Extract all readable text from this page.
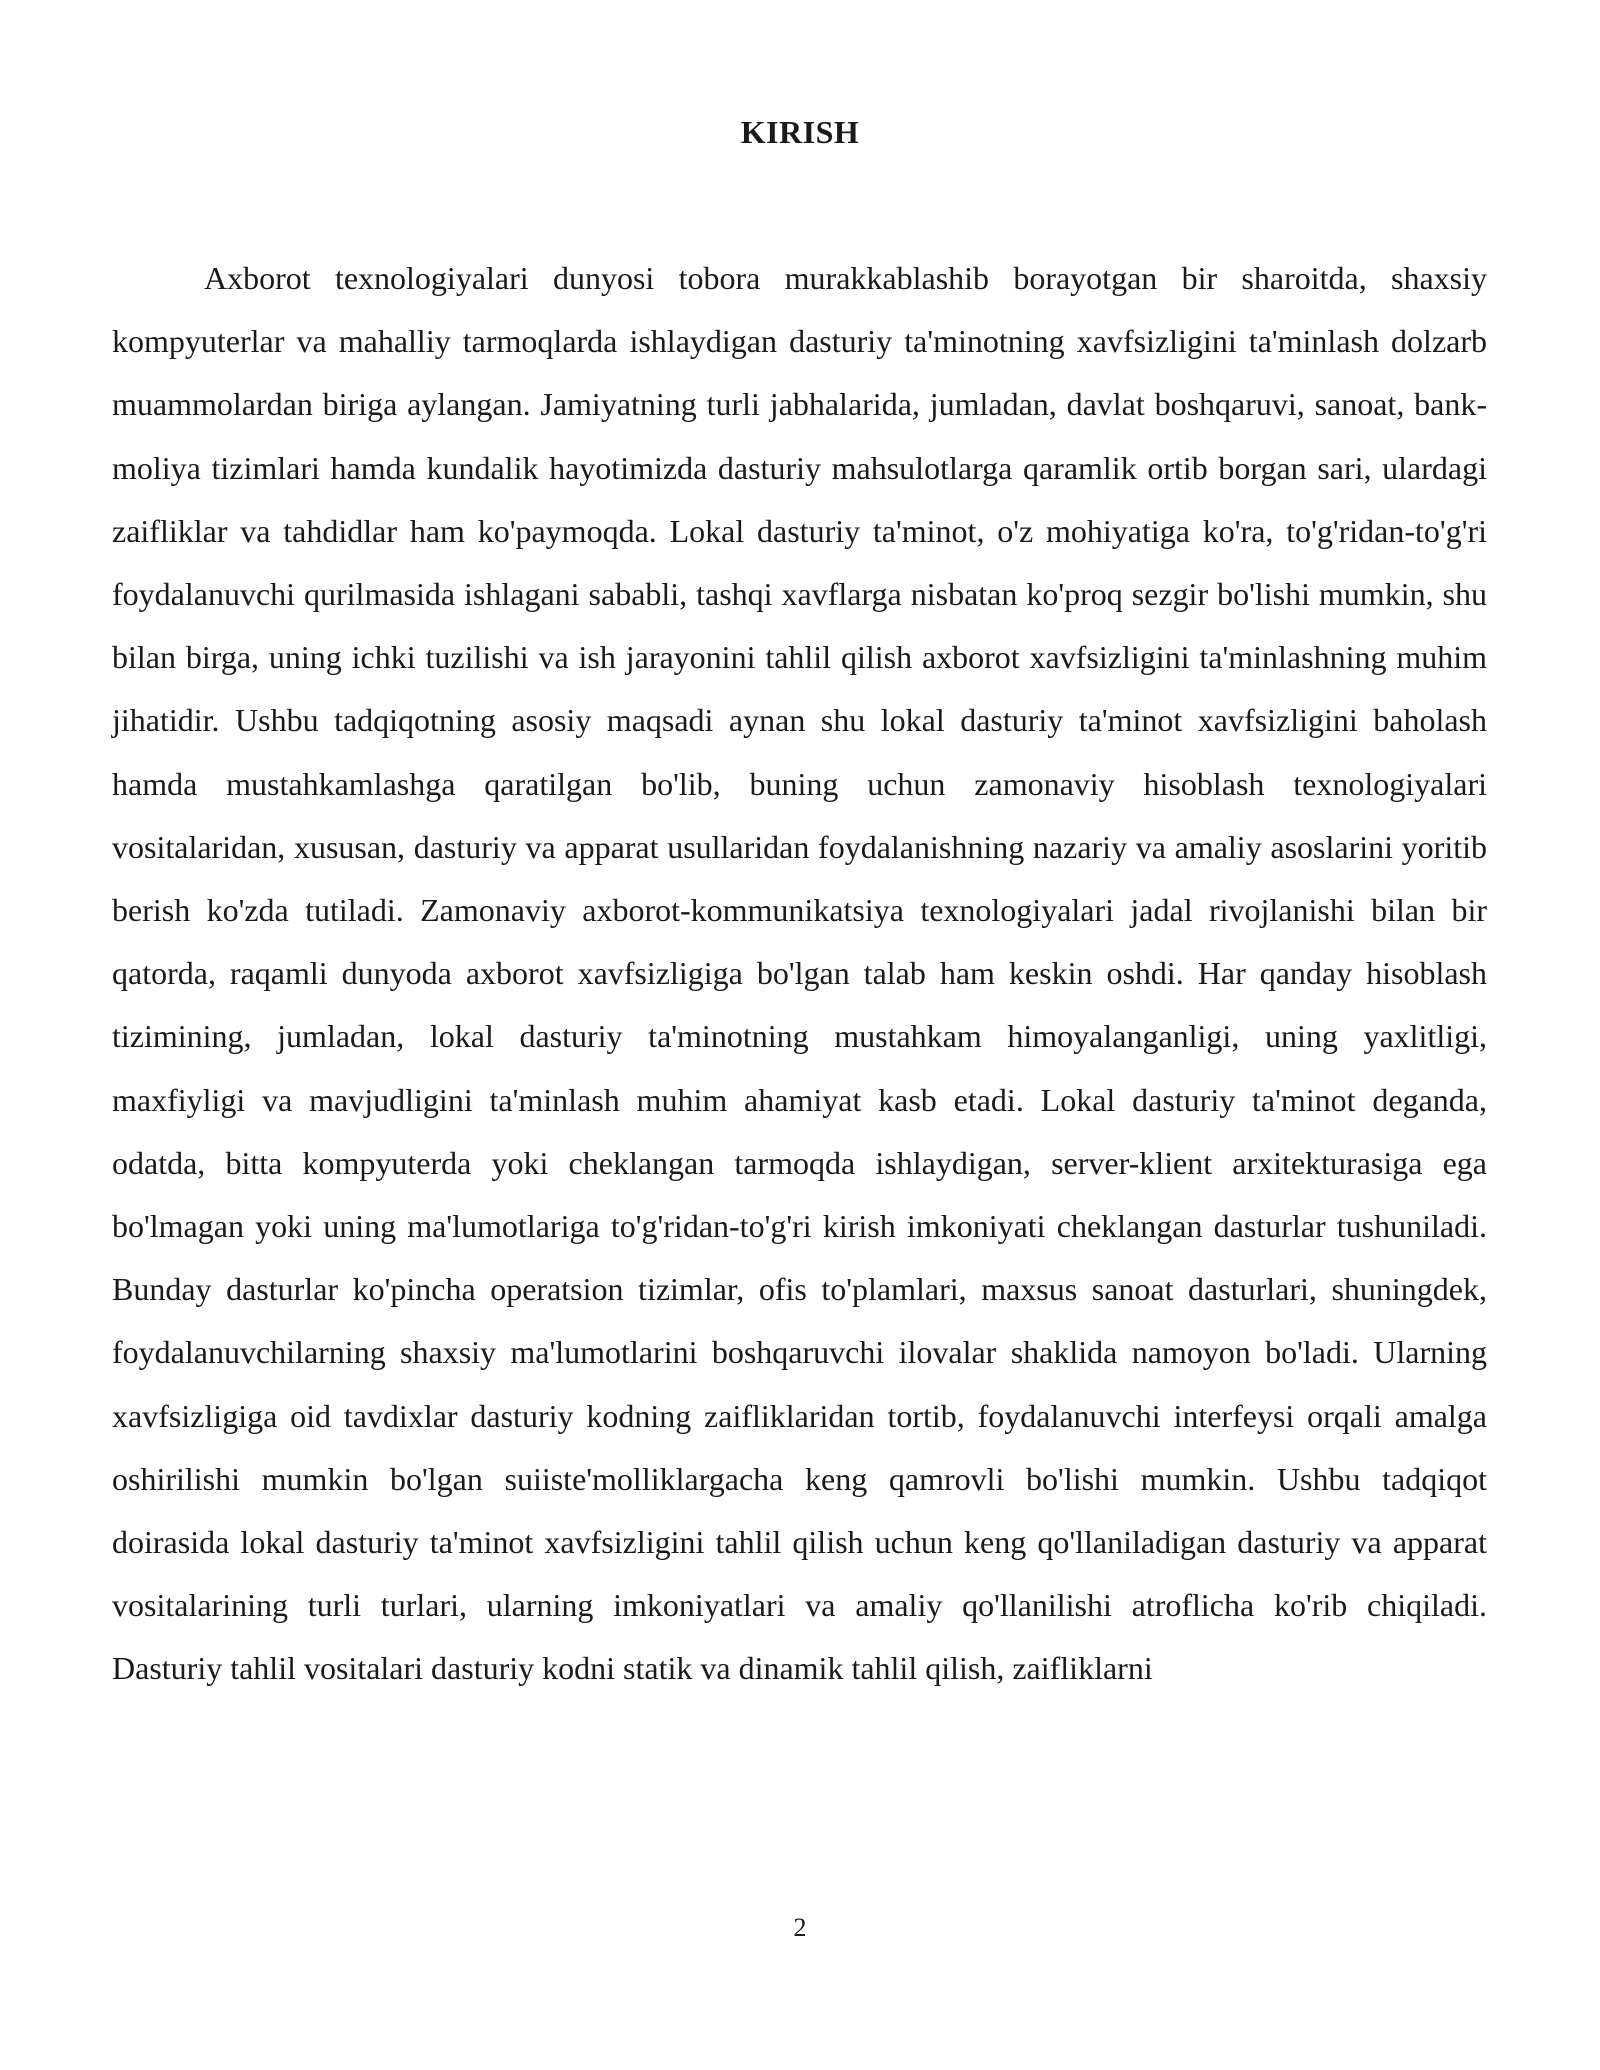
KIRISH

Axborot texnologiyalari dunyosi tobora murakkablashib borayotgan bir sharoitda, shaxsiy kompyuterlar va mahalliy tarmoqlarda ishlaydigan dasturiy ta'minotning xavfsizligini ta'minlash dolzarb muammolardan biriga aylangan. Jamiyatning turli jabhalarida, jumladan, davlat boshqaruvi, sanoat, bank-moliya tizimlari hamda kundalik hayotimizda dasturiy mahsulotlarga qaramlik ortib borgan sari, ulardagi zaifliklar va tahdidlar ham ko'paymoqda. Lokal dasturiy ta'minot, o'z mohiyatiga ko'ra, to'g'ridan-to'g'ri foydalanuvchi qurilmasida ishlagani sababli, tashqi xavflarga nisbatan ko'proq sezgir bo'lishi mumkin, shu bilan birga, uning ichki tuzilishi va ish jarayonini tahlil qilish axborot xavfsizligini ta'minlashning muhim jihatidir. Ushbu tadqiqotning asosiy maqsadi aynan shu lokal dasturiy ta'minot xavfsizligini baholash hamda mustahkamlashga qaratilgan bo'lib, buning uchun zamonaviy hisoblash texnologiyalari vositalaridan, xususan, dasturiy va apparat usullaridan foydalanishning nazariy va amaliy asoslarini yoritib berish ko'zda tutiladi. Zamonaviy axborot-kommunikatsiya texnologiyalari jadal rivojlanishi bilan bir qatorda, raqamli dunyoda axborot xavfsizligiga bo'lgan talab ham keskin oshdi. Har qanday hisoblash tizimining, jumladan, lokal dasturiy ta'minotning mustahkam himoyalanganligi, uning yaxlitligi, maxfiyligi va mavjudligini ta'minlash muhim ahamiyat kasb etadi. Lokal dasturiy ta'minot deganda, odatda, bitta kompyuterda yoki cheklangan tarmoqda ishlaydigan, server-klient arxitekturasiga ega bo'lmagan yoki uning ma'lumotlariga to'g'ridan-to'g'ri kirish imkoniyati cheklangan dasturlar tushuniladi. Bunday dasturlar ko'pincha operatsion tizimlar, ofis to'plamlari, maxsus sanoat dasturlari, shuningdek, foydalanuvchilarning shaxsiy ma'lumotlarini boshqaruvchi ilovalar shaklida namoyon bo'ladi. Ularning xavfsizligiga oid tavdixlar dasturiy kodning zaifliklaridan tortib, foydalanuvchi interfeysi orqali amalga oshirilishi mumkin bo'lgan suiiste'molliklargacha keng qamrovli bo'lishi mumkin. Ushbu tadqiqot doirasida lokal dasturiy ta'minot xavfsizligini tahlil qilish uchun keng qo'llaniladigan dasturiy va apparat vositalarining turli turlari, ularning imkoniyatlari va amaliy qo'llanilishi atroflicha ko'rib chiqiladi. Dasturiy tahlil vositalari dasturiy kodni statik va dinamik tahlil qilish, zaifliklarni

2
